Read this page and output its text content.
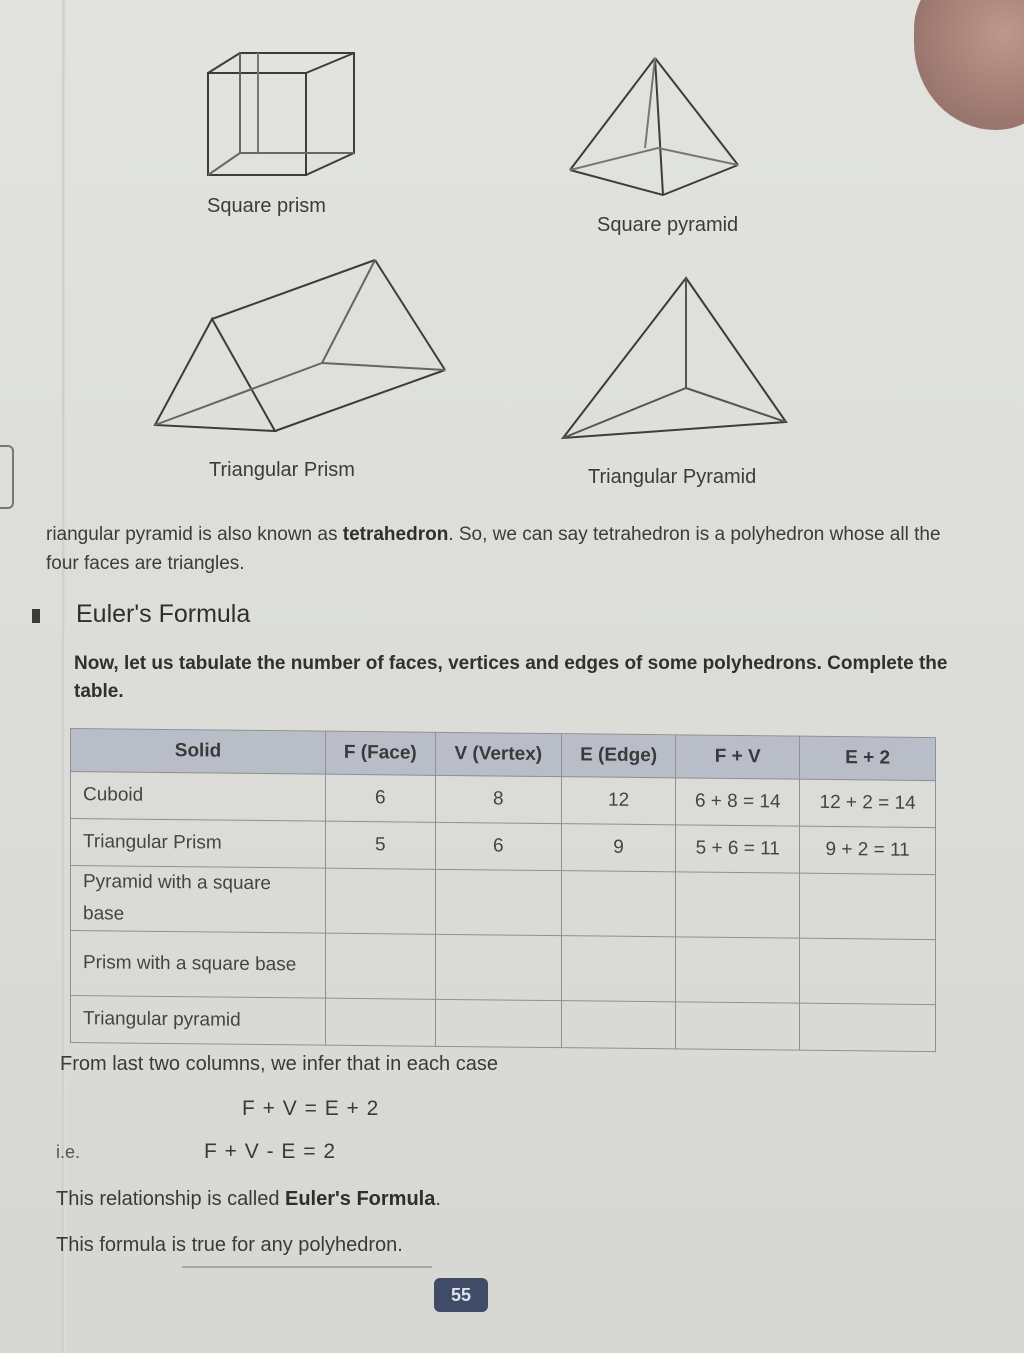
Square prism
Square pyramid
Triangular Prism	Triangular Pyramid
riangular pyramid is also known as tetrahedron. So, we can say tetrahedron is a polyhedron whose all the four faces are triangles.
Euler's Formula
Now, let us tabulate the number of faces, vertices and edges of some polyhedrons. Complete the table.
Solid	F (Face)	V (Vertex)	E (Edge)	F + V	E + 2
Cuboid	6	8	12	6 + 8 = 14	12 + 2 = 14
Triangular Prism	5	6	9	5 + 6 = 11	9 + 2 = 11
Pyramid with a square base					
Prism with a square base					
Triangular pyramid					
From last two columns, we infer that in each case
F + V = E + 2
i.e.	F + V - E = 2
This relationship is called Euler's Formula.
This formula is true for any polyhedron.
55
